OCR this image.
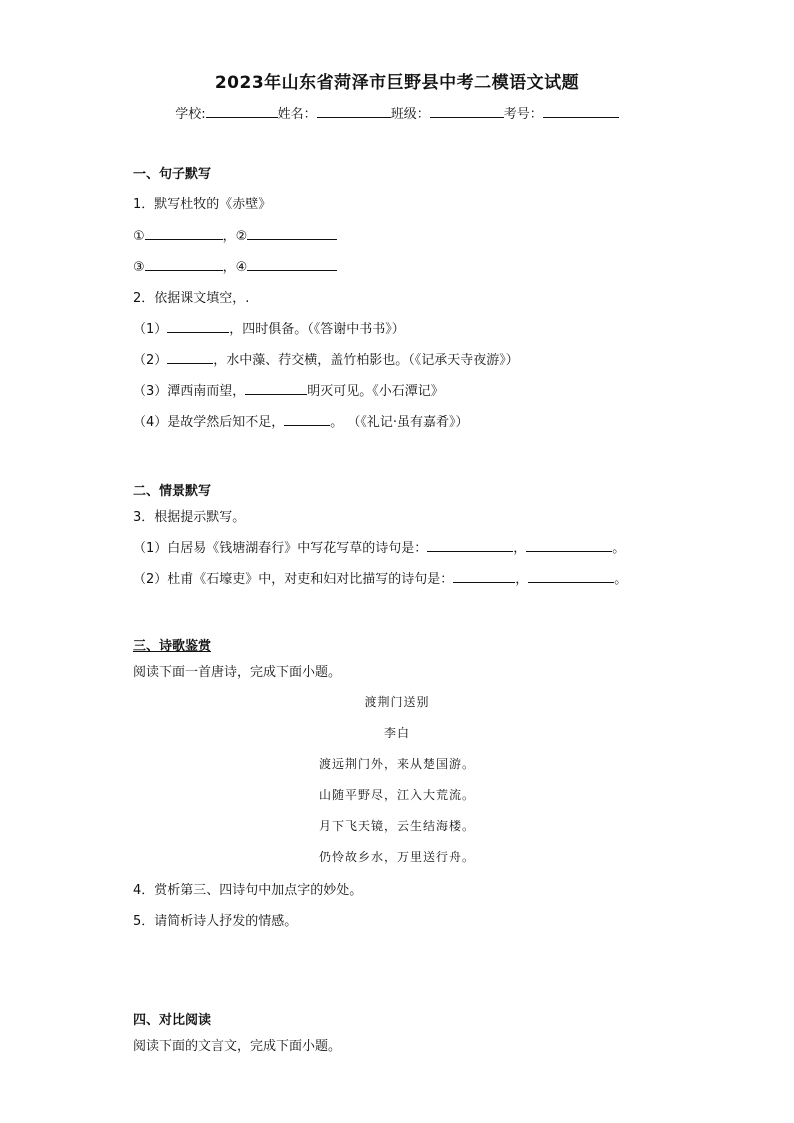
2023年山东省菏泽市巨野县中考二模语文试题
学校:	姓名：	班级：	考号：
一、句子默写
1．默写杜牧的《赤壁》
①	，②
③	，④
2．依据课文填空，.
（1）	，四时俱备。（《答谢中书书》）
（2）	，水中藻、荇交横，盖竹柏影也。（《记承天寺夜游》）
（3）潭西南而望，	明灭可见。《小石潭记》
（4）是故学然后知不足，	。 （《礼记·虽有嘉肴》）
二、情景默写
3．根据提示默写。
（1）白居易《钱塘湖春行》中写花写草的诗句是：	，	。
（2）杜甫《石壕吏》中，对吏和妇对比描写的诗句是：	，	。
三、诗歌鉴赏
阅读下面一首唐诗，完成下面小题。
渡荆门送别
李白
渡远荆门外，来从楚国游。
山随平野尽，江入大荒流。
月下飞天镜，云生结海楼。
仍怜故乡水，万里送行舟。
4．赏析第三、四诗句中加点字的妙处。
5．请简析诗人抒发的情感。
四、对比阅读
阅读下面的文言文，完成下面小题。
